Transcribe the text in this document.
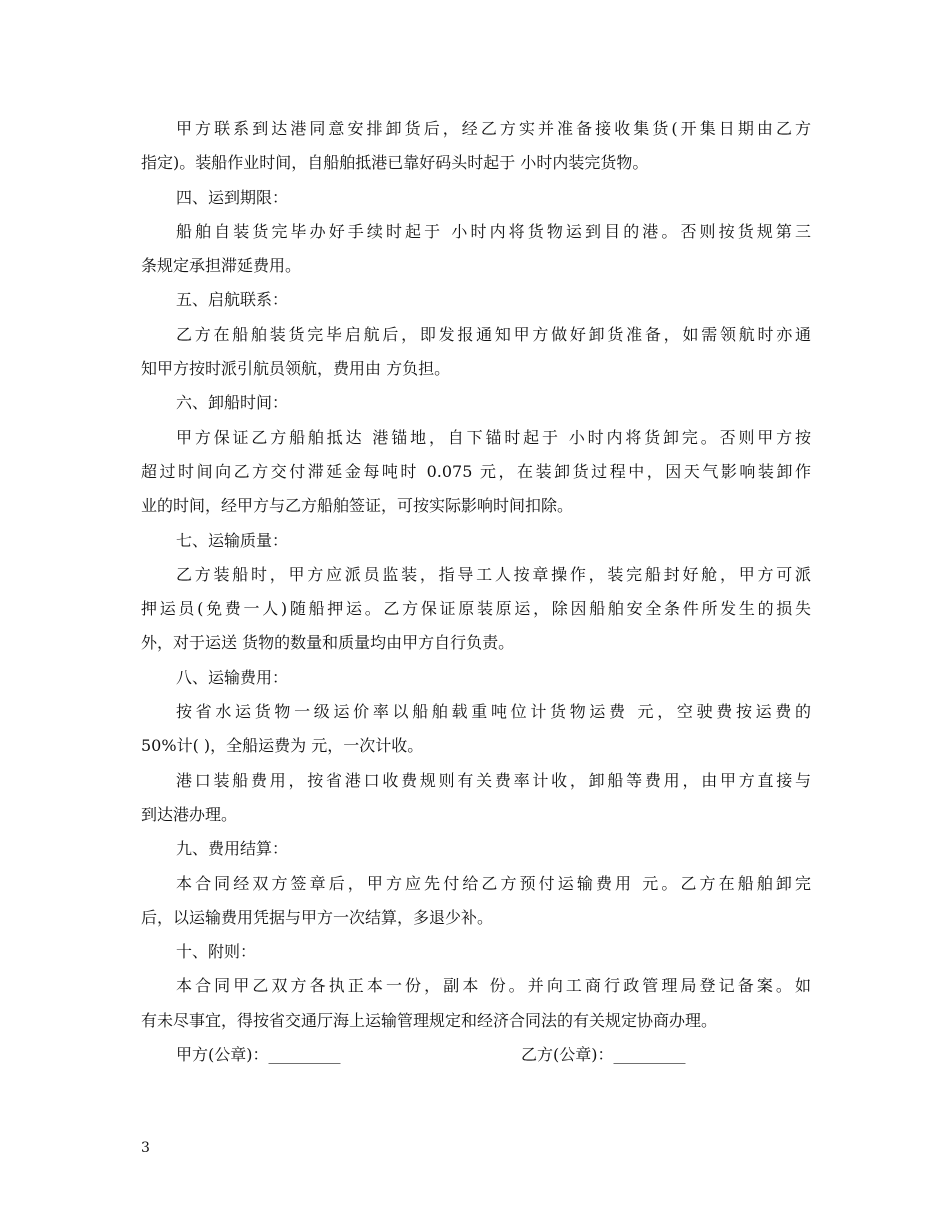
甲方联系到达港同意安排卸货后，经乙方实并准备接收集货(开集日期由乙方
指定)。装船作业时间，自船舶抵港已靠好码头时起于 小时内装完货物。
四、运到期限：
船舶自装货完毕办好手续时起于 小时内将货物运到目的港。否则按货规第三
条规定承担滞延费用。
五、启航联系：
乙方在船舶装货完毕启航后，即发报通知甲方做好卸货准备，如需领航时亦通
知甲方按时派引航员领航，费用由 方负担。
六、卸船时间：
甲方保证乙方船舶抵达 港锚地，自下锚时起于 小时内将货卸完。否则甲方按
超过时间向乙方交付滞延金每吨时 0.075 元，在装卸货过程中，因天气影响装卸作
业的时间，经甲方与乙方船舶签证，可按实际影响时间扣除。
七、运输质量：
乙方装船时，甲方应派员监装，指导工人按章操作，装完船封好舱，甲方可派
押运员(免费一人)随船押运。乙方保证原装原运，除因船舶安全条件所发生的损失
外，对于运送 货物的数量和质量均由甲方自行负责。
八、运输费用：
按省水运货物一级运价率以船舶载重吨位计货物运费 元，空驶费按运费的
50%计( )，全船运费为 元，一次计收。
港口装船费用，按省港口收费规则有关费率计收，卸船等费用，由甲方直接与
到达港办理。
九、费用结算：
本合同经双方签章后，甲方应先付给乙方预付运输费用 元。乙方在船舶卸完
后，以运输费用凭据与甲方一次结算，多退少补。
十、附则：
本合同甲乙双方各执正本一份，副本 份。并向工商行政管理局登记备案。如
有未尽事宜，得按省交通厅海上运输管理规定和经济合同法的有关规定协商办理。
甲方(公章)：_________	乙方(公章)：_________
3
